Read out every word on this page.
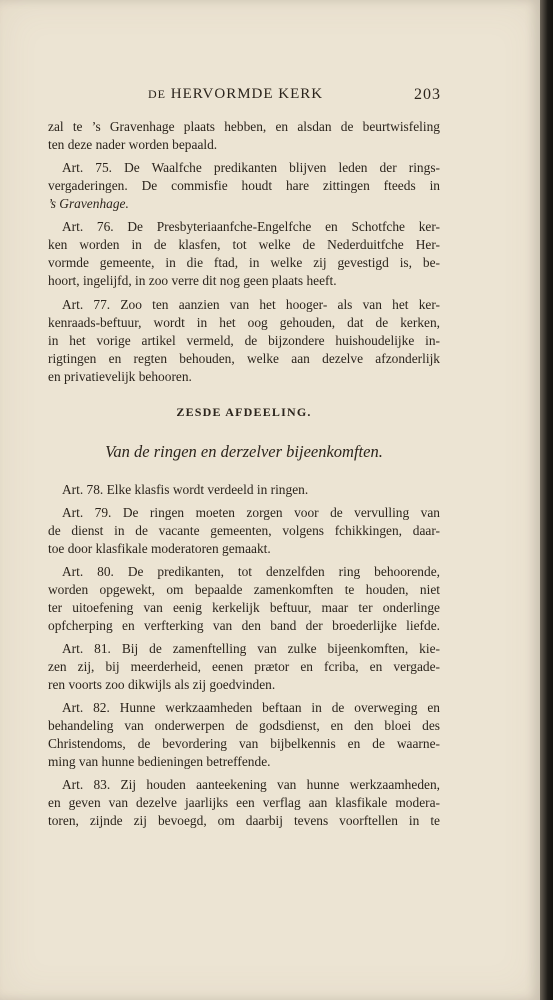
DE HERVORMDE KERK	203
zal te ’s Gravenhage plaats hebben, en alsdan de beurtwisfeling
ten deze nader worden bepaald.
Art. 75. De Waalfche predikanten blijven leden der rings-
vergaderingen. De commisfie houdt hare zittingen fteeds in
’s Gravenhage.
Art. 76. De Presbyteriaanfche-Engelfche en Schotfche ker-
ken worden in de klasfen, tot welke de Nederduitfche Her-
vormde gemeente, in die ftad, in welke zij gevestigd is, be-
hoort, ingelijfd, in zoo verre dit nog geen plaats heeft.
Art. 77. Zoo ten aanzien van het hooger- als van het ker-
kenraads-beftuur, wordt in het oog gehouden, dat de kerken,
in het vorige artikel vermeld, de bijzondere huishoudelijke in-
rigtingen en regten behouden, welke aan dezelve afzonderlijk
en privatievelijk behooren.
ZESDE AFDEELING.
Van de ringen en derzelver bijeenkomften.
Art. 78. Elke klasfis wordt verdeeld in ringen.
Art. 79. De ringen moeten zorgen voor de vervulling van
de dienst in de vacante gemeenten, volgens fchikkingen, daar-
toe door klasfikale moderatoren gemaakt.
Art. 80. De predikanten, tot denzelfden ring behoorende,
worden opgewekt, om bepaalde zamenkomften te houden, niet
ter uitoefening van eenig kerkelijk beftuur, maar ter onderlinge
opfcherping en verfterking van den band der broederlijke liefde.
Art. 81. Bij de zamenftelling van zulke bijeenkomften, kie-
zen zij, bij meerderheid, eenen prætor en fcriba, en vergade-
ren voorts zoo dikwijls als zij goedvinden.
Art. 82. Hunne werkzaamheden beftaan in de overweging en
behandeling van onderwerpen de godsdienst, en den bloei des
Christendoms, de bevordering van bijbelkennis en de waarne-
ming van hunne bedieningen betreffende.
Art. 83. Zij houden aanteekening van hunne werkzaamheden,
en geven van dezelve jaarlijks een verflag aan klasfikale modera-
toren, zijnde zij bevoegd, om daarbij tevens voorftellen in te
